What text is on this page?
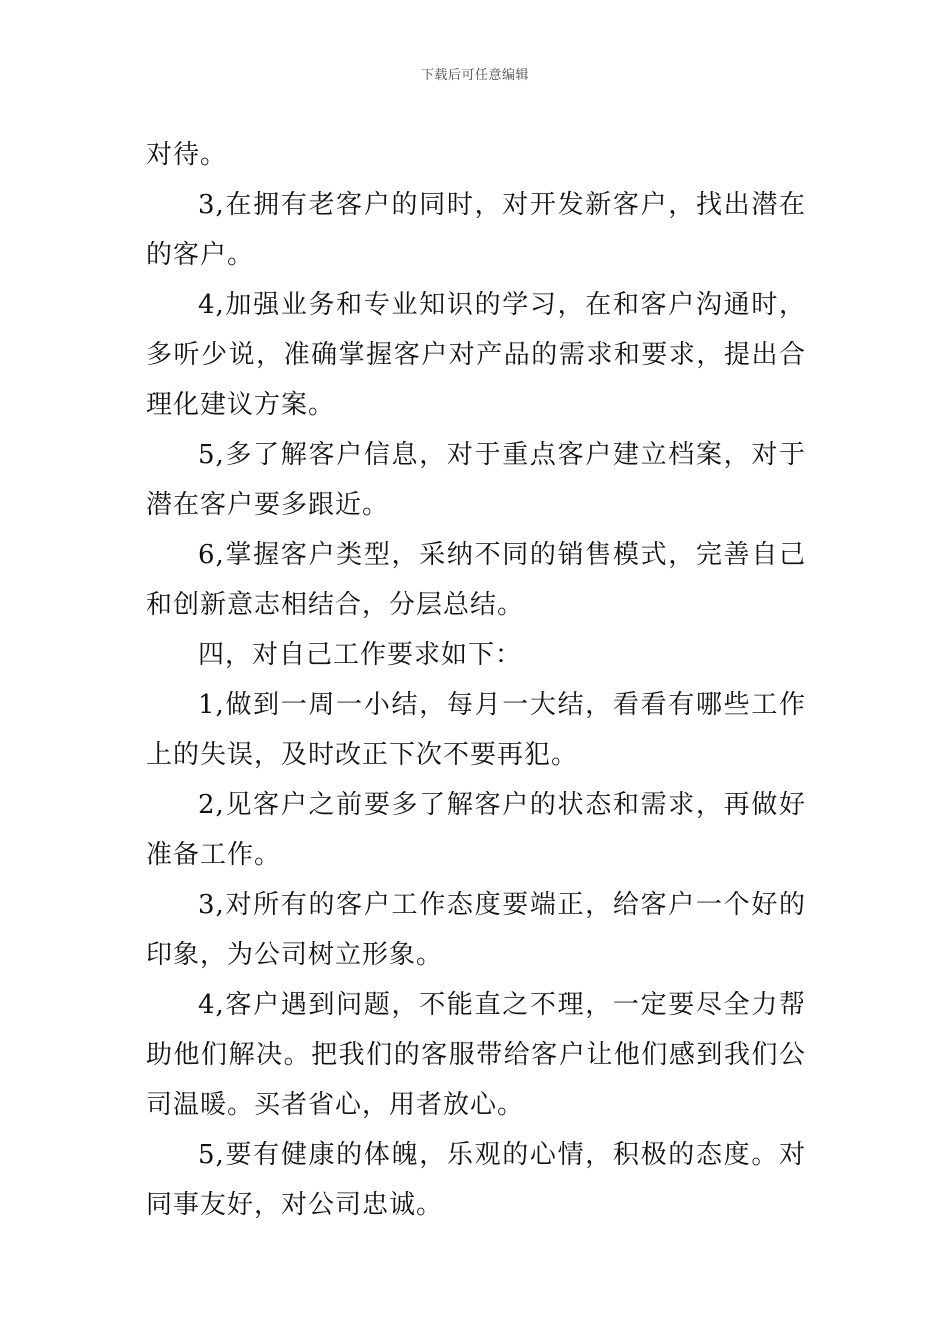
下载后可任意编辑

对待。

3,在拥有老客户的同时，对开发新客户，找出潜在的客户。

4,加强业务和专业知识的学习，在和客户沟通时，多听少说，准确掌握客户对产品的需求和要求，提出合理化建议方案。

5,多了解客户信息，对于重点客户建立档案，对于潜在客户要多跟近。

6,掌握客户类型，采纳不同的销售模式，完善自己和创新意志相结合，分层总结。

四，对自己工作要求如下：

1,做到一周一小结，每月一大结，看看有哪些工作上的失误，及时改正下次不要再犯。

2,见客户之前要多了解客户的状态和需求，再做好准备工作。

3,对所有的客户工作态度要端正，给客户一个好的印象，为公司树立形象。

4,客户遇到问题，不能直之不理，一定要尽全力帮助他们解决。把我们的客服带给客户让他们感到我们公司温暖。买者省心，用者放心。

5,要有健康的体魄，乐观的心情，积极的态度。对同事友好，对公司忠诚。
